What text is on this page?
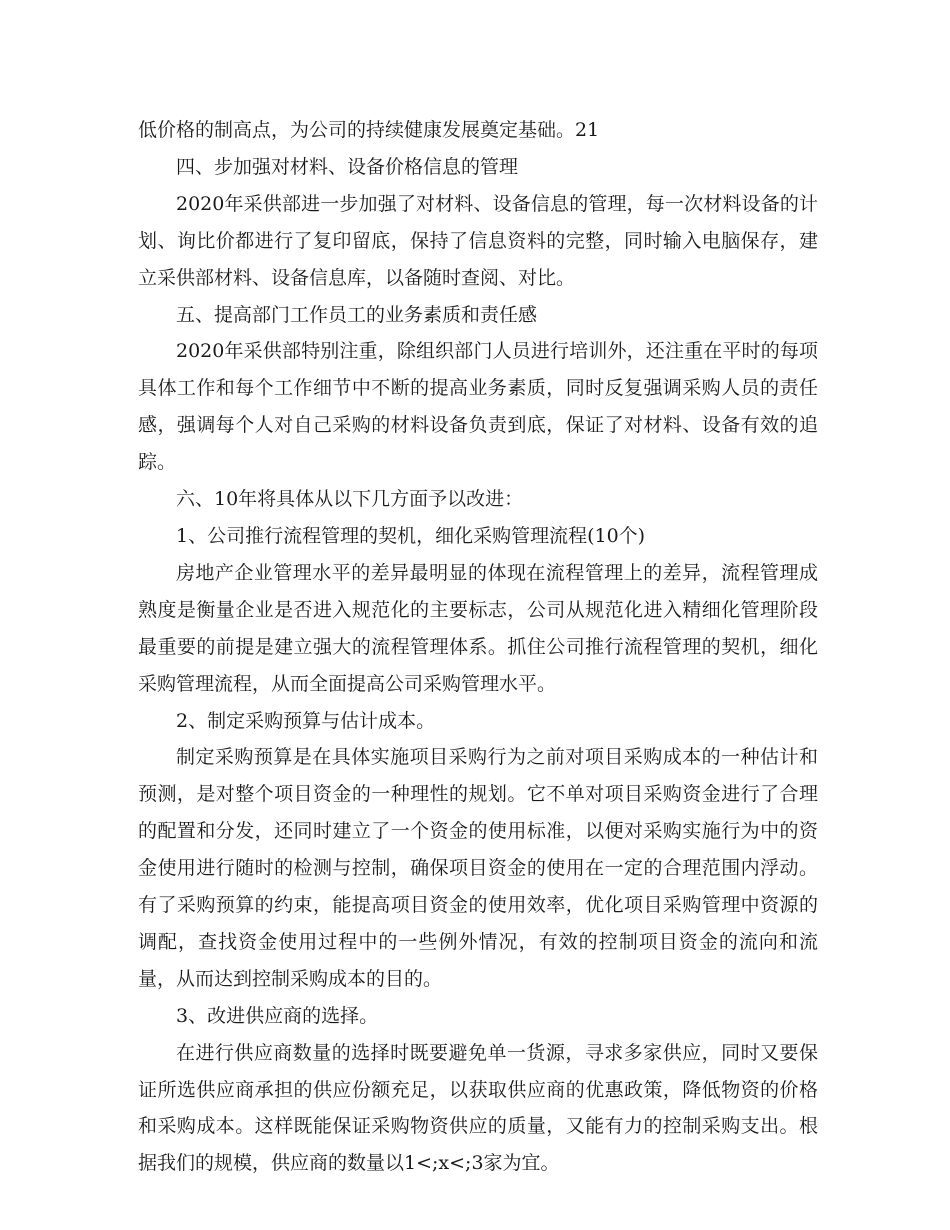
低价格的制高点，为公司的持续健康发展奠定基础。21

四、步加强对材料、设备价格信息的管理

2020年采供部进一步加强了对材料、设备信息的管理，每一次材料设备的计划、询比价都进行了复印留底，保持了信息资料的完整，同时输入电脑保存，建立采供部材料、设备信息库，以备随时查阅、对比。

五、提高部门工作员工的业务素质和责任感

2020年采供部特别注重，除组织部门人员进行培训外，还注重在平时的每项具体工作和每个工作细节中不断的提高业务素质，同时反复强调采购人员的责任感，强调每个人对自己采购的材料设备负责到底，保证了对材料、设备有效的追踪。

六、10年将具体从以下几方面予以改进：

1、公司推行流程管理的契机，细化采购管理流程(10个)

房地产企业管理水平的差异最明显的体现在流程管理上的差异，流程管理成熟度是衡量企业是否进入规范化的主要标志，公司从规范化进入精细化管理阶段最重要的前提是建立强大的流程管理体系。抓住公司推行流程管理的契机，细化采购管理流程，从而全面提高公司采购管理水平。

2、制定采购预算与估计成本。

制定采购预算是在具体实施项目采购行为之前对项目采购成本的一种估计和预测，是对整个项目资金的一种理性的规划。它不单对项目采购资金进行了合理的配置和分发，还同时建立了一个资金的使用标准，以便对采购实施行为中的资金使用进行随时的检测与控制，确保项目资金的使用在一定的合理范围内浮动。有了采购预算的约束，能提高项目资金的使用效率，优化项目采购管理中资源的调配，查找资金使用过程中的一些例外情况，有效的控制项目资金的流向和流量，从而达到控制采购成本的目的。

3、改进供应商的选择。

在进行供应商数量的选择时既要避免单一货源，寻求多家供应，同时又要保证所选供应商承担的供应份额充足，以获取供应商的优惠政策，降低物资的价格和采购成本。这样既能保证采购物资供应的质量，又能有力的控制采购支出。根据我们的规模，供应商的数量以1<;x<;3家为宜。
